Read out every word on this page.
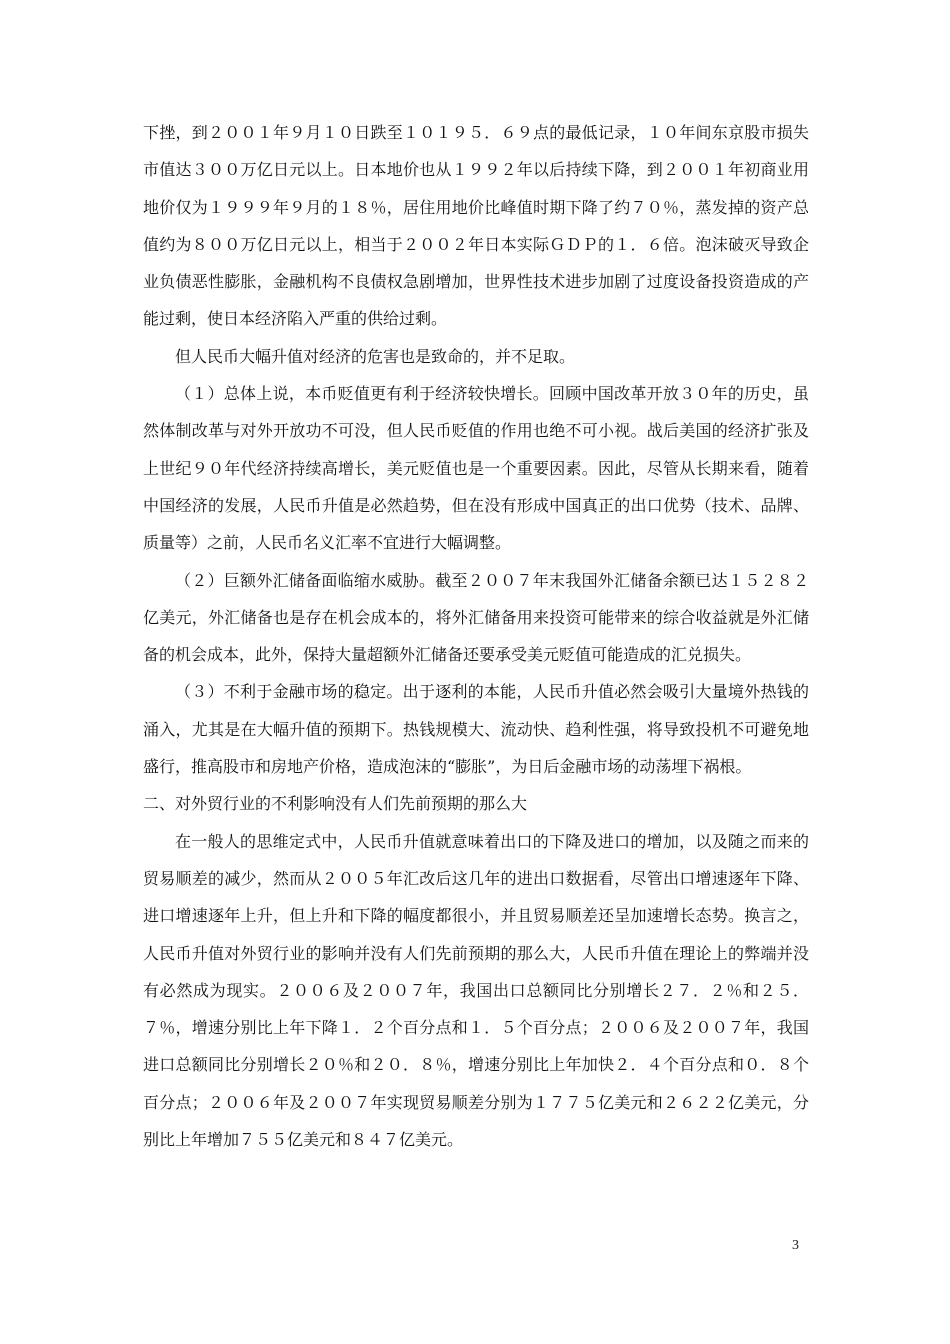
下挫，到２００１年９月１０日跌至１０１９５．６９点的最低记录，１０年间东京股市损失市值达３００万亿日元以上。日本地价也从１９９２年以后持续下降，到２００１年初商业用地价仅为１９９９年９月的１８％，居住用地价比峰值时期下降了约７０％，蒸发掉的资产总值约为８００万亿日元以上，相当于２００２年日本实际ＧＤＰ的１．６倍。泡沫破灭导致企业负债恶性膨胀，金融机构不良债权急剧增加，世界性技术进步加剧了过度设备投资造成的产能过剩，使日本经济陷入严重的供给过剩。

但人民币大幅升值对经济的危害也是致命的，并不足取。

（１）总体上说，本币贬值更有利于经济较快增长。回顾中国改革开放３０年的历史，虽然体制改革与对外开放功不可没，但人民币贬值的作用也绝不可小视。战后美国的经济扩张及上世纪９０年代经济持续高增长，美元贬值也是一个重要因素。因此，尽管从长期来看，随着中国经济的发展，人民币升值是必然趋势，但在没有形成中国真正的出口优势（技术、品牌、质量等）之前，人民币名义汇率不宜进行大幅调整。

（２）巨额外汇储备面临缩水威胁。截至２００７年末我国外汇储备余额已达１５２８２亿美元，外汇储备也是存在机会成本的，将外汇储备用来投资可能带来的综合收益就是外汇储备的机会成本，此外，保持大量超额外汇储备还要承受美元贬值可能造成的汇兑损失。

（３）不利于金融市场的稳定。出于逐利的本能，人民币升值必然会吸引大量境外热钱的涌入，尤其是在大幅升值的预期下。热钱规模大、流动快、趋利性强，将导致投机不可避免地盛行，推高股市和房地产价格，造成泡沫的“膨胀”，为日后金融市场的动荡埋下祸根。

二、对外贸行业的不利影响没有人们先前预期的那么大

在一般人的思维定式中，人民币升值就意味着出口的下降及进口的增加，以及随之而来的贸易顺差的减少，然而从２００５年汇改后这几年的进出口数据看，尽管出口增速逐年下降、进口增速逐年上升，但上升和下降的幅度都很小，并且贸易顺差还呈加速增长态势。换言之，人民币升值对外贸行业的影响并没有人们先前预期的那么大，人民币升值在理论上的弊端并没有必然成为现实。２００６及２００７年，我国出口总额同比分别增长２７．２％和２５．７％，增速分别比上年下降１．２个百分点和１．５个百分点；２００６及２００７年，我国进口总额同比分别增长２０％和２０．８％，增速分别比上年加快２．４个百分点和０．８个百分点；２００６年及２００７年实现贸易顺差分别为１７７５亿美元和２６２２亿美元，分别比上年增加７５５亿美元和８４７亿美元。

3
